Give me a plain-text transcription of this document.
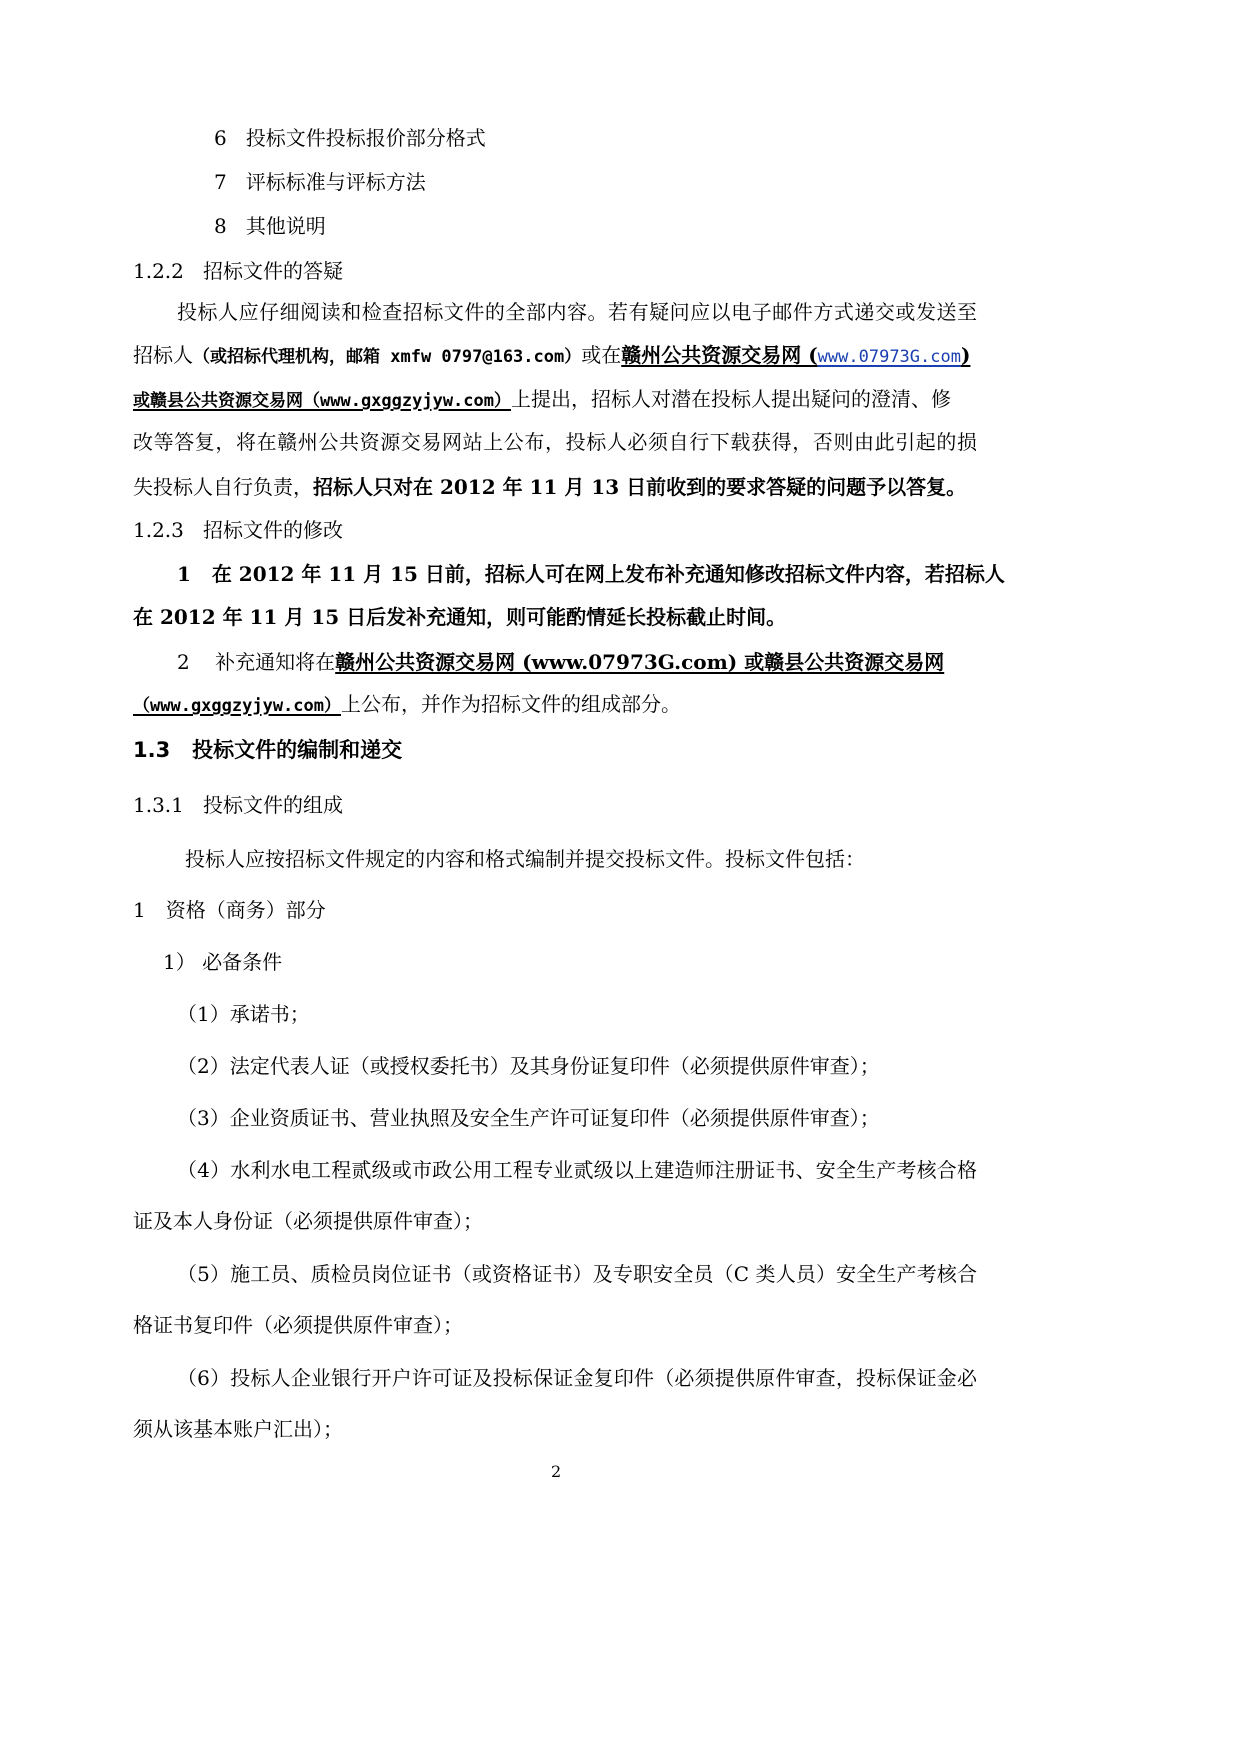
6 投标文件投标报价部分格式
7 评标标准与评标方法
8 其他说明
1.2.2 招标文件的答疑
投标人应仔细阅读和检查招标文件的全部内容。若有疑问应以电子邮件方式递交或发送至
招标人（或招标代理机构，邮箱 xmfw 0797@163.com）或在赣州公共资源交易网 (www.07973G.com)
或赣县公共资源交易网（www.gxggzyjyw.com）上提出，招标人对潜在投标人提出疑问的澄清、修
改等答复，将在赣州公共资源交易网站上公布，投标人必须自行下载获得，否则由此引起的损
失投标人自行负责，招标人只对在 2012 年 11 月 13 日前收到的要求答疑的问题予以答复。
1.2.3 招标文件的修改
1 在 2012 年 11 月 15 日前，招标人可在网上发布补充通知修改招标文件内容，若招标人
在 2012 年 11 月 15 日后发补充通知，则可能酌情延长投标截止时间。
2 补充通知将在赣州公共资源交易网 (www.07973G.com) 或赣县公共资源交易网
（www.gxggzyjyw.com）上公布，并作为招标文件的组成部分。
1.3 投标文件的编制和递交
1.3.1 投标文件的组成
投标人应按招标文件规定的内容和格式编制并提交投标文件。投标文件包括：
1　资格（商务）部分
1） 必备条件
（1）承诺书；
（2）法定代表人证（或授权委托书）及其身份证复印件（必须提供原件审查）；
（3）企业资质证书、营业执照及安全生产许可证复印件（必须提供原件审查）；
（4）水利水电工程贰级或市政公用工程专业贰级以上建造师注册证书、安全生产考核合格
证及本人身份证（必须提供原件审查）；
（5）施工员、质检员岗位证书（或资格证书）及专职安全员（C 类人员）安全生产考核合
格证书复印件（必须提供原件审查）；
（6）投标人企业银行开户许可证及投标保证金复印件（必须提供原件审查，投标保证金必
须从该基本账户汇出）；
2
